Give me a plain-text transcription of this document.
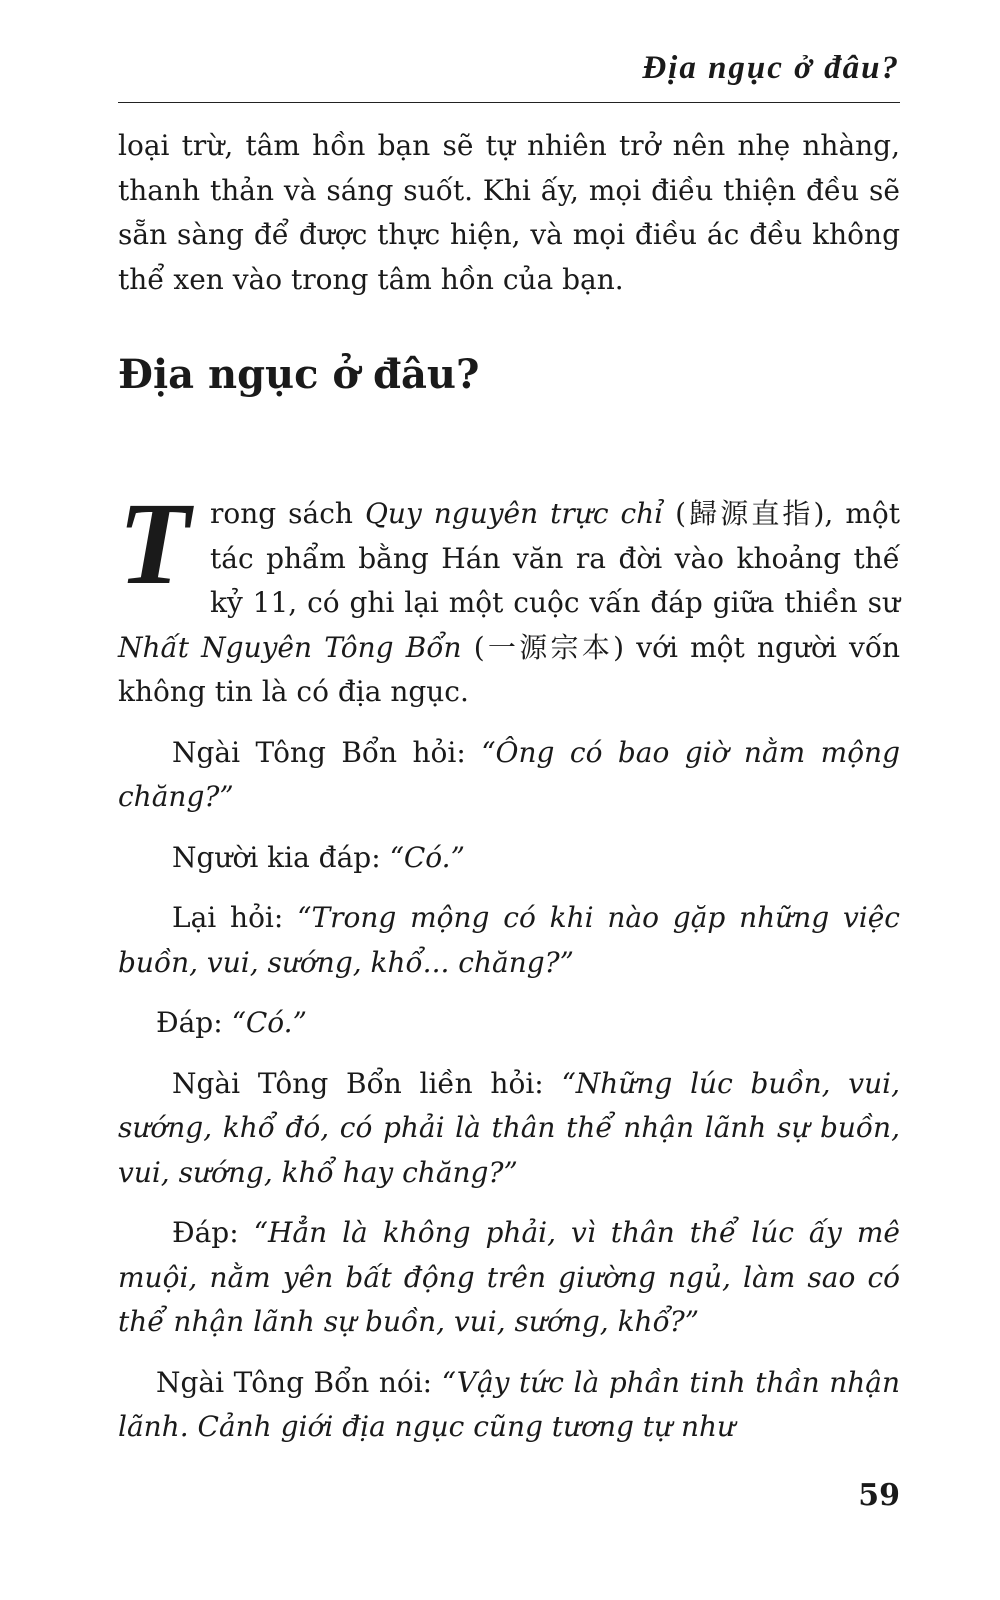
Địa ngục ở đâu?

loại trừ, tâm hồn bạn sẽ tự nhiên trở nên nhẹ nhàng, thanh thản và sáng suốt. Khi ấy, mọi điều thiện đều sẽ sẵn sàng để được thực hiện, và mọi điều ác đều không thể xen vào trong tâm hồn của bạn.

Địa ngục ở đâu?

Trong sách Quy nguyên trực chỉ (歸源直指), một tác phẩm bằng Hán văn ra đời vào khoảng thế kỷ 11, có ghi lại một cuộc vấn đáp giữa thiền sư Nhất Nguyên Tông Bổn (一源宗本) với một người vốn không tin là có địa ngục.

Ngài Tông Bổn hỏi: “Ông có bao giờ nằm mộng chăng?”

Người kia đáp: “Có.”

Lại hỏi: “Trong mộng có khi nào gặp những việc buồn, vui, sướng, khổ... chăng?”

Đáp: “Có.”

Ngài Tông Bổn liền hỏi: “Những lúc buồn, vui, sướng, khổ đó, có phải là thân thể nhận lãnh sự buồn, vui, sướng, khổ hay chăng?”

Đáp: “Hẳn là không phải, vì thân thể lúc ấy mê muội, nằm yên bất động trên giường ngủ, làm sao có thể nhận lãnh sự buồn, vui, sướng, khổ?”

Ngài Tông Bổn nói: “Vậy tức là phần tinh thần nhận lãnh. Cảnh giới địa ngục cũng tương tự như

59
